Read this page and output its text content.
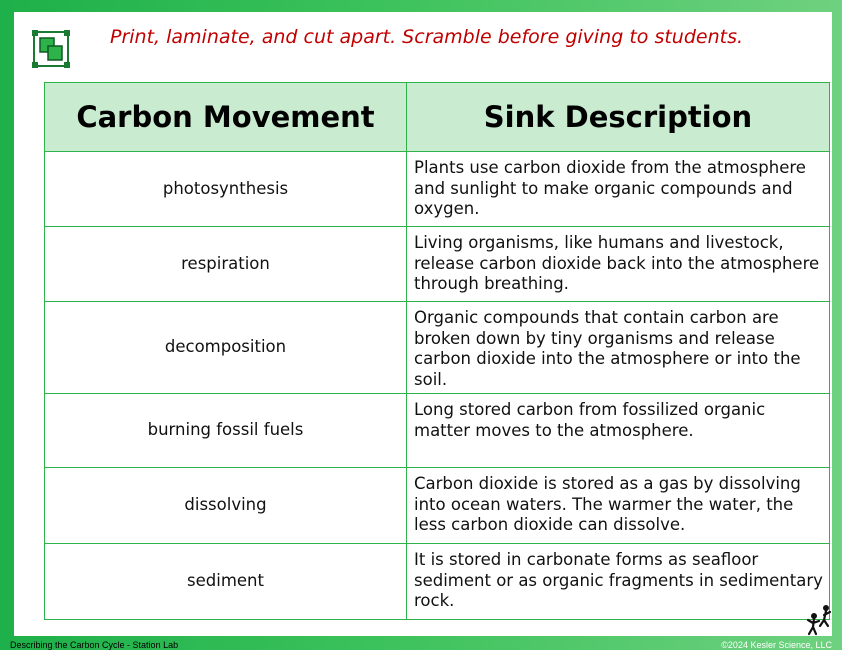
Print, laminate, and cut apart. Scramble before giving to students.
Carbon Movement	Sink Description
photosynthesis	Plants use carbon dioxide from the atmosphere and sunlight to make organic compounds and oxygen.
respiration	Living organisms, like humans and livestock, release carbon dioxide back into the atmosphere through breathing.
decomposition	Organic compounds that contain carbon are broken down by tiny organisms and release carbon dioxide into the atmosphere or into the soil.
burning fossil fuels	Long stored carbon from fossilized organic matter moves to the atmosphere.
dissolving	Carbon dioxide is stored as a gas by dissolving into ocean waters. The warmer the water, the less carbon dioxide can dissolve.
sediment	It is stored in carbonate forms as seafloor sediment or as organic fragments in sedimentary rock.
Describing the Carbon Cycle - Station Lab	©2024 Kesler Science, LLC
